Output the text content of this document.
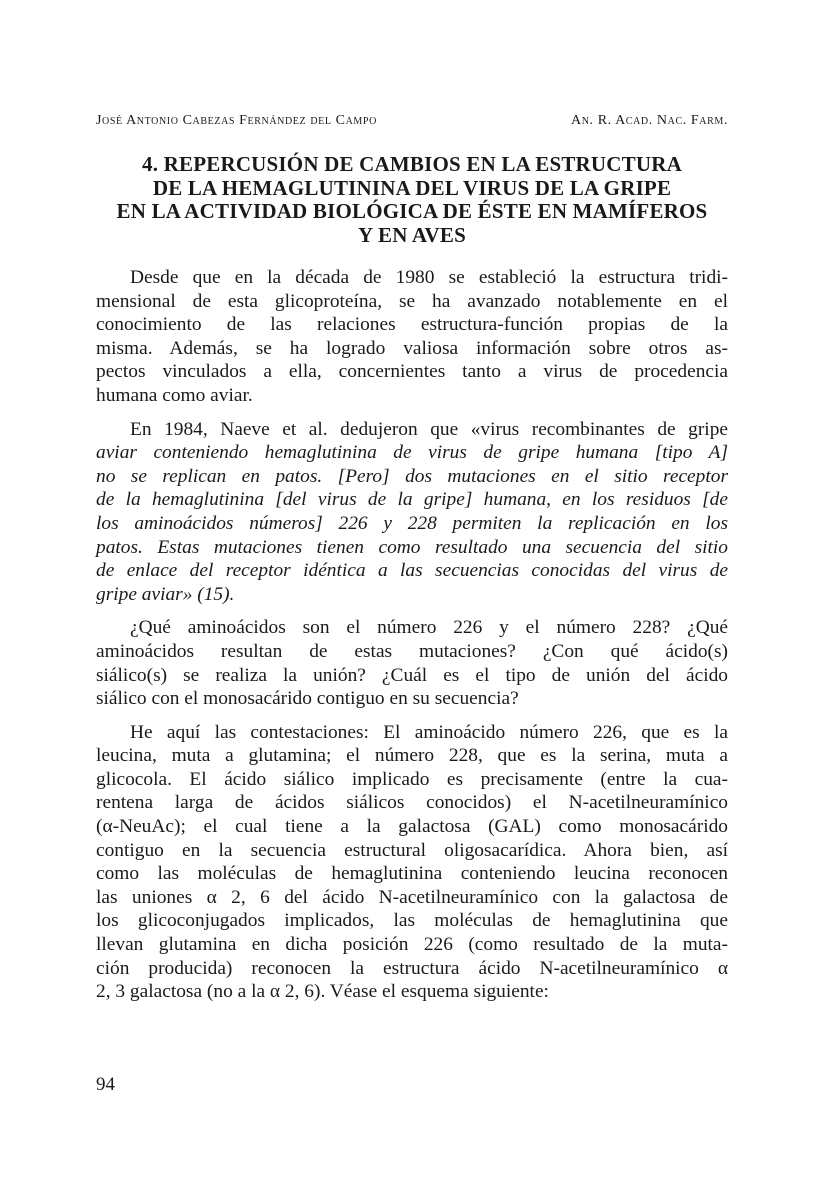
José Antonio Cabezas Fernández del Campo	An. R. Acad. Nac. Farm.
4. REPERCUSIÓN DE CAMBIOS EN LA ESTRUCTURA
DE LA HEMAGLUTININA DEL VIRUS DE LA GRIPE
EN LA ACTIVIDAD BIOLÓGICA DE ÉSTE EN MAMÍFEROS
Y EN AVES
Desde que en la década de 1980 se estableció la estructura tridi-
mensional de esta glicoproteína, se ha avanzado notablemente en el
conocimiento de las relaciones estructura-función propias de la
misma. Además, se ha logrado valiosa información sobre otros as-
pectos vinculados a ella, concernientes tanto a virus de procedencia
humana como aviar.
En 1984, Naeve et al. dedujeron que «virus recombinantes de gripe
aviar conteniendo hemaglutinina de virus de gripe humana [tipo A]
no se replican en patos. [Pero] dos mutaciones en el sitio receptor
de la hemaglutinina [del virus de la gripe] humana, en los residuos [de
los aminoácidos números] 226 y 228 permiten la replicación en los
patos. Estas mutaciones tienen como resultado una secuencia del sitio
de enlace del receptor idéntica a las secuencias conocidas del virus de
gripe aviar» (15).
¿Qué aminoácidos son el número 226 y el número 228? ¿Qué
aminoácidos resultan de estas mutaciones? ¿Con qué ácido(s)
siálico(s) se realiza la unión? ¿Cuál es el tipo de unión del ácido
siálico con el monosacárido contiguo en su secuencia?
He aquí las contestaciones: El aminoácido número 226, que es la
leucina, muta a glutamina; el número 228, que es la serina, muta a
glicocola. El ácido siálico implicado es precisamente (entre la cua-
rentena larga de ácidos siálicos conocidos) el N-acetilneuramínico
(α-NeuAc); el cual tiene a la galactosa (GAL) como monosacárido
contiguo en la secuencia estructural oligosacarídica. Ahora bien, así
como las moléculas de hemaglutinina conteniendo leucina reconocen
las uniones α 2, 6 del ácido N-acetilneuramínico con la galactosa de
los glicoconjugados implicados, las moléculas de hemaglutinina que
llevan glutamina en dicha posición 226 (como resultado de la muta-
ción producida) reconocen la estructura ácido N-acetilneuramínico α
2, 3 galactosa (no a la α 2, 6). Véase el esquema siguiente:
94
